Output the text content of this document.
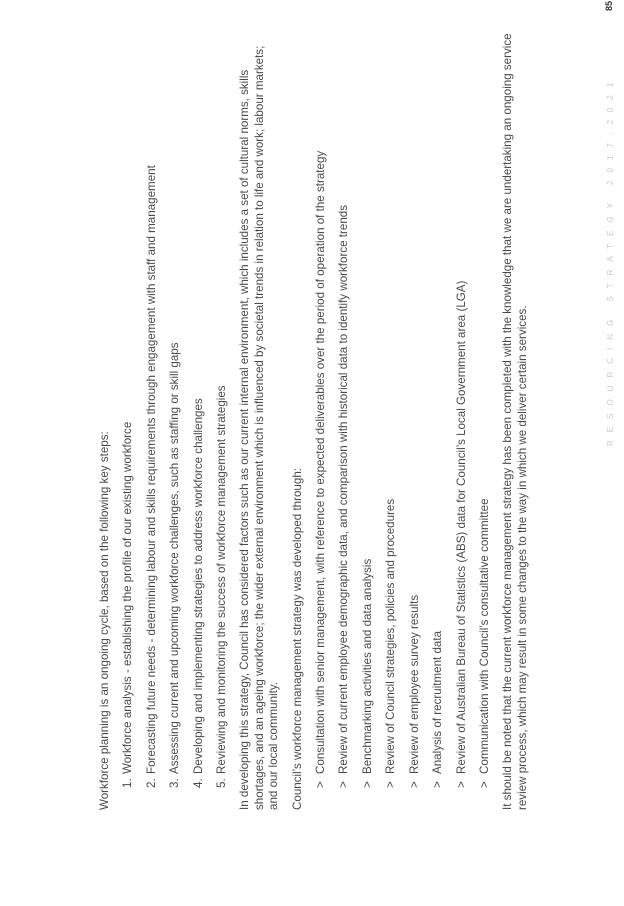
Workforce planning is an ongoing cycle, based on the following key steps: 1.
Workforce analysis - establishing the profile of our existing workforce
2.
Forecasting future needs - determining labour and skills requirements through engagement with staff and management
3.
Assessing current and upcoming workforce challenges, such as staffing or skill gaps
4.
Developing and implementing strategies to address workforce challenges
5.
Reviewing and monitoring the success of workforce management strategies In developing this strategy, Council has considered factors such as our current internal environment, which includes a set of cultural norms, skills shortages, and an ageing workforce; the wider external environment which is influenced by societal trends in relation to life and work; labour markets; and our local community. Council’s workforce management strategy was developed through: >
Consultation with senior management, with reference to expected deliverables over the period of operation of the strategy
>
Review of current employee demographic data, and comparison with historical data to identify workforce trends
>
Benchmarking activities and data analysis
>
Review of Council strategies, policies and procedures
>
Review of employee survey results
>
Analysis of recruitment data
>
Review of Australian Bureau of Statistics (ABS) data for Council’s Local Government area (LGA)
>
Communication with Council’s consultative committee It should be noted that the current workforce management strategy has been completed with the knowledge that we are undertaking an ongoing service review process, which may result in some changes to the way in which we deliver certain services.

RESOURCING STRATEGY 2017-2021
85
